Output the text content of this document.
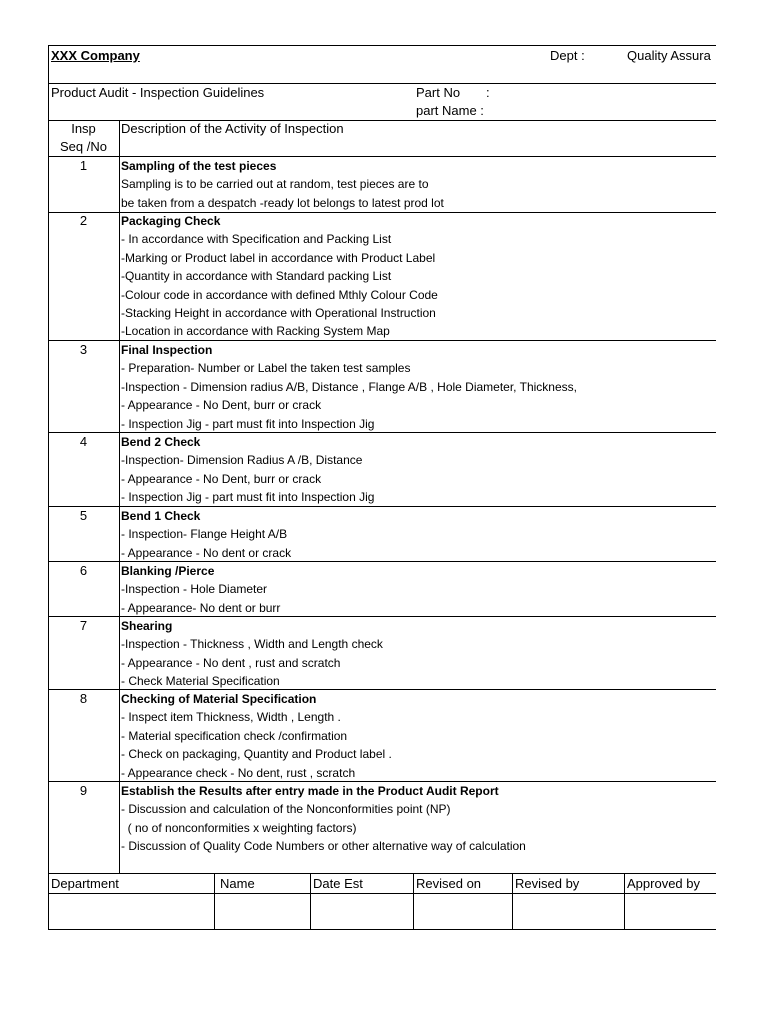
XXX Company	Dept :	Quality Assura
Product Audit - Inspection Guidelines	Part No :
part Name :
Insp
Seq /No
Description of the Activity of Inspection
1	Sampling of the test pieces
Sampling is to be carried out at random, test pieces are to
be taken from a despatch -ready lot belongs to latest prod lot
2	Packaging Check
- In accordance with Specification and Packing List
-Marking or Product label in accordance with Product Label
-Quantity in accordance with Standard packing List
-Colour code in accordance with defined Mthly Colour Code
-Stacking Height in accordance with Operational Instruction
-Location in accordance with Racking System Map
3	Final Inspection
- Preparation- Number or Label the taken test samples
-Inspection - Dimension radius A/B, Distance , Flange A/B , Hole Diameter, Thickness,
- Appearance - No Dent, burr or crack
- Inspection Jig - part must fit into Inspection Jig
4	Bend 2 Check
-Inspection- Dimension Radius A /B, Distance
- Appearance - No Dent, burr or crack
- Inspection Jig - part must fit into Inspection Jig
5	Bend 1 Check
- Inspection- Flange Height A/B
- Appearance - No dent or crack
6	Blanking /Pierce
-Inspection - Hole Diameter
- Appearance- No dent or burr
7	Shearing
-Inspection - Thickness , Width and Length check
- Appearance - No dent , rust and scratch
- Check Material Specification
8	Checking of Material Specification
- Inspect item Thickness, Width , Length .
- Material specification check /confirmation
- Check on packaging, Quantity and Product label .
- Appearance check - No dent, rust , scratch
9	Establish the Results after entry made in the Product Audit Report
- Discussion and calculation of the Nonconformities point (NP)
( no of nonconformities x weighting factors)
- Discussion of Quality Code Numbers or other alternative way of calculation
Department	Name	Date Est	Revised on	Revised by	Approved by
